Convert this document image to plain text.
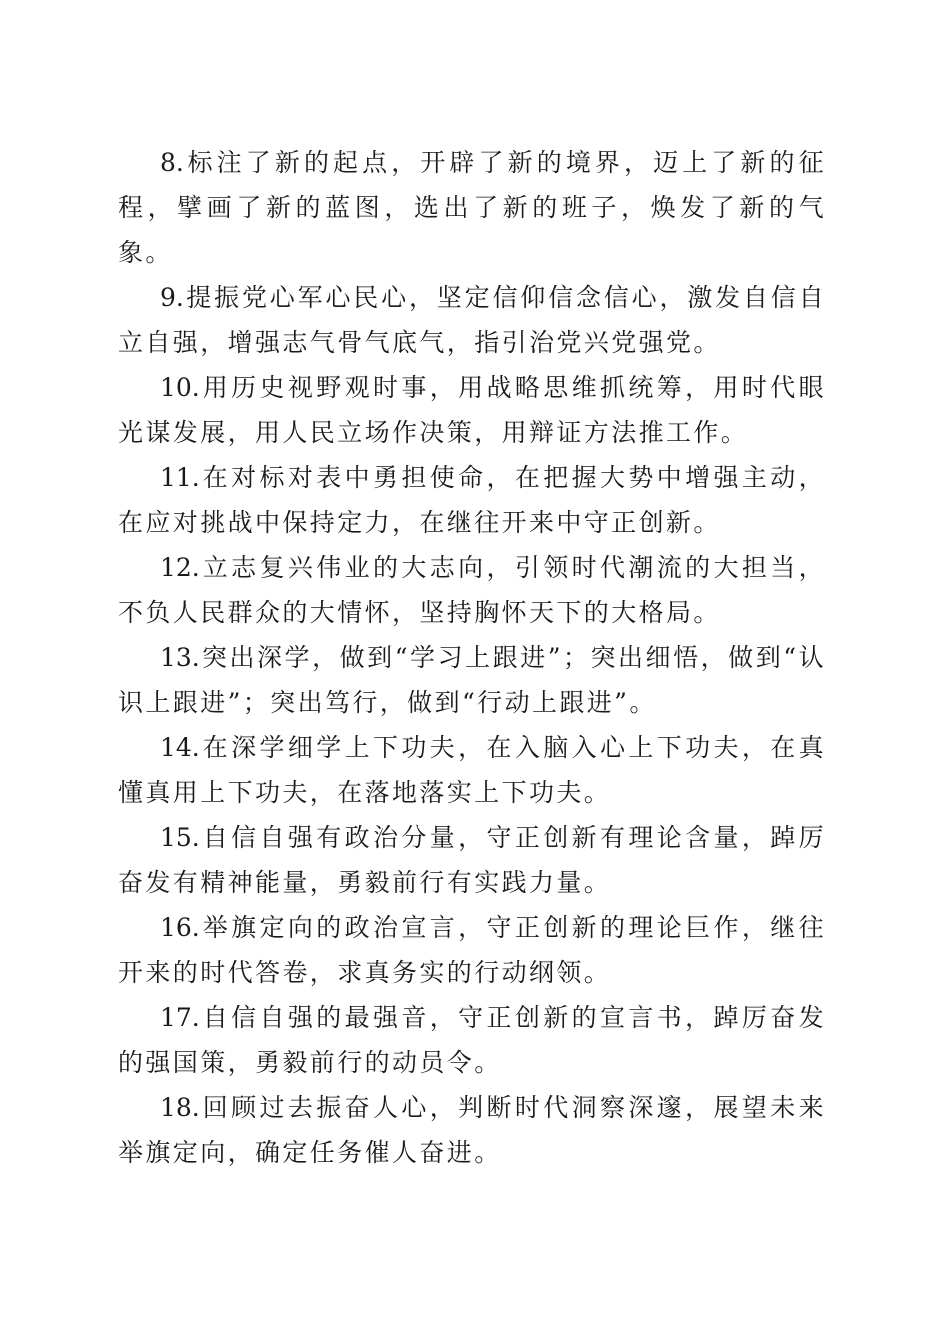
8.标注了新的起点，开辟了新的境界，迈上了新的征程，擘画了新的蓝图，选出了新的班子，焕发了新的气象。

9.提振党心军心民心，坚定信仰信念信心，激发自信自立自强，增强志气骨气底气，指引治党兴党强党。

10.用历史视野观时事，用战略思维抓统筹，用时代眼光谋发展，用人民立场作决策，用辩证方法推工作。

11.在对标对表中勇担使命，在把握大势中增强主动，在应对挑战中保持定力，在继往开来中守正创新。

12.立志复兴伟业的大志向，引领时代潮流的大担当，不负人民群众的大情怀，坚持胸怀天下的大格局。

13.突出深学，做到“学习上跟进”；突出细悟，做到“认识上跟进”；突出笃行，做到“行动上跟进”。

14.在深学细学上下功夫，在入脑入心上下功夫，在真懂真用上下功夫，在落地落实上下功夫。

15.自信自强有政治分量，守正创新有理论含量，踔厉奋发有精神能量，勇毅前行有实践力量。

16.举旗定向的政治宣言，守正创新的理论巨作，继往开来的时代答卷，求真务实的行动纲领。

17.自信自强的最强音，守正创新的宣言书，踔厉奋发的强国策，勇毅前行的动员令。

18.回顾过去振奋人心，判断时代洞察深邃，展望未来举旗定向，确定任务催人奋进。
